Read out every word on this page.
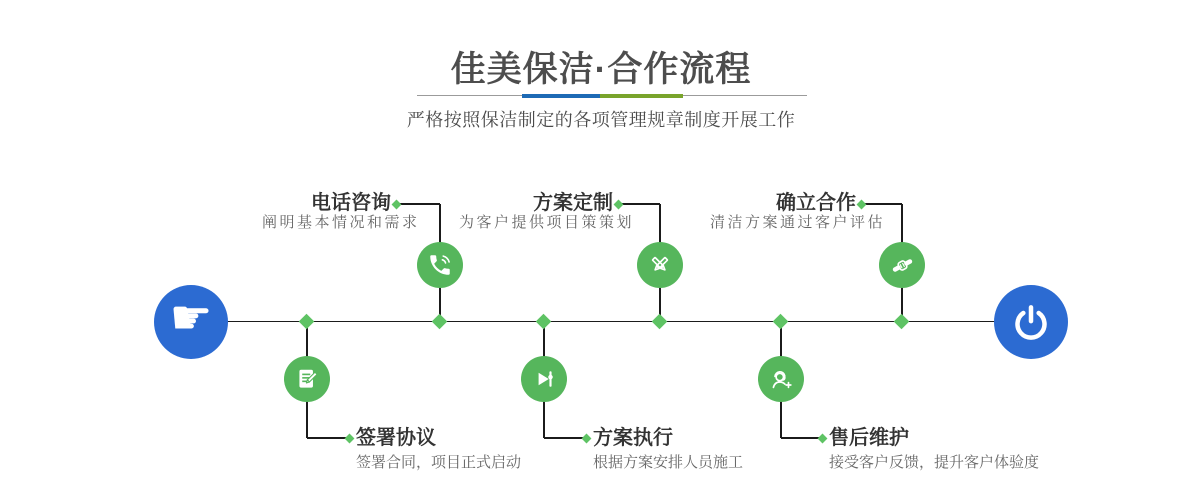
佳美保洁·合作流程
严格按照保洁制定的各项管理规章制度开展工作
电话咨询
阐明基本情况和需求
签署协议
签署合同，项目正式启动
方案定制
为客户提供项目策策划
方案执行
根据方案安排人员施工
确立合作
清洁方案通过客户评估
售后维护
接受客户反馈，提升客户体验度
☛
